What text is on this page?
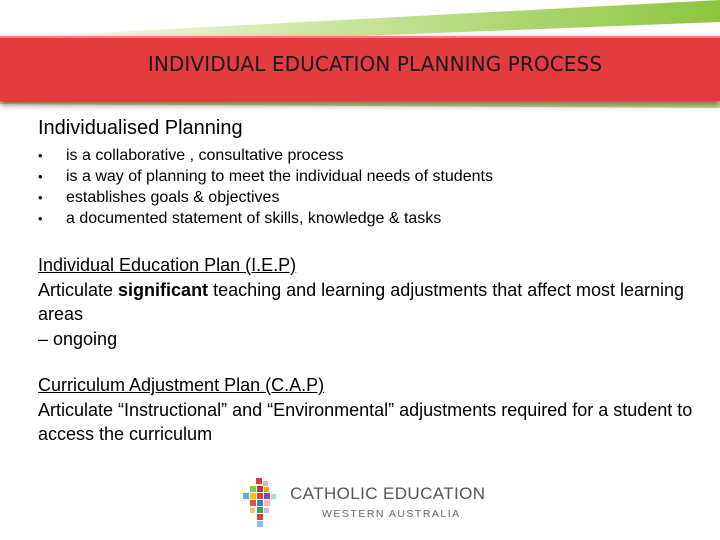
INDIVIDUAL EDUCATION PLANNING PROCESS
Individualised Planning
• is a collaborative , consultative process
• is a way of planning to meet the individual needs of students
• establishes goals & objectives
• a documented statement of skills, knowledge & tasks
Individual Education Plan (I.E.P)
Articulate significant teaching and learning adjustments that affect most learning areas
– ongoing
Curriculum Adjustment Plan (C.A.P)
Articulate “Instructional” and “Environmental” adjustments required for a student to access the curriculum
CATHOLIC EDUCATION
WESTERN AUSTRALIA
